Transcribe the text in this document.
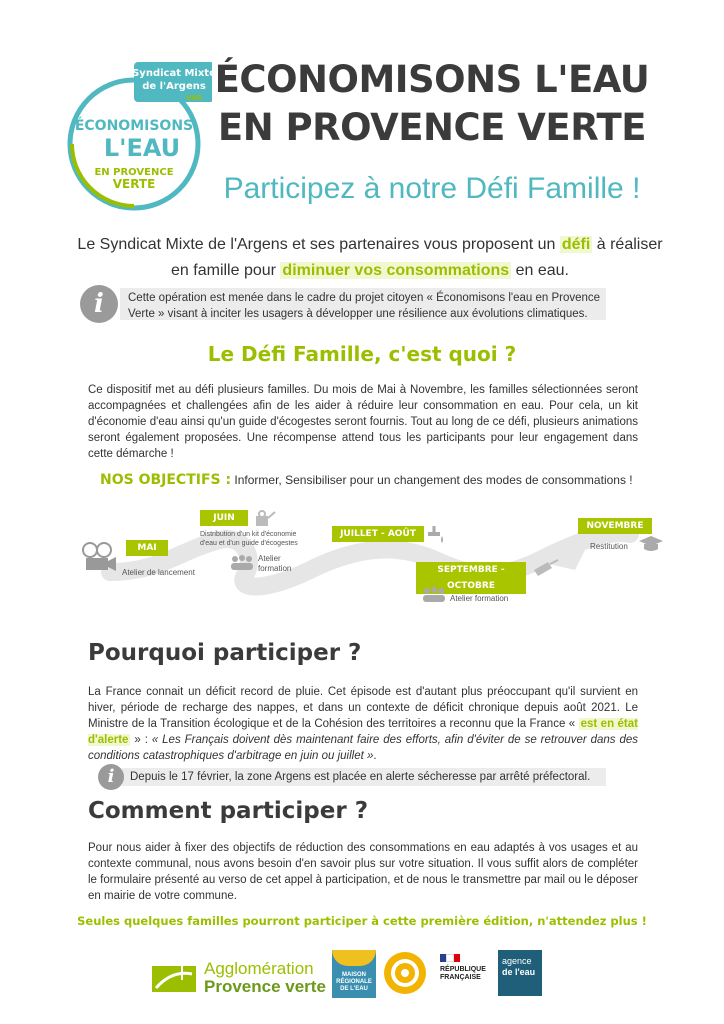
Syndicat Mixte
de l'Argens
VAR
ÉCONOMISONS
L'EAU
EN PROVENCE
VERTE
ÉCONOMISONS L'EAU
EN PROVENCE VERTE
Participez à notre Défi Famille !
Le Syndicat Mixte de l'Argens et ses partenaires vous proposent un défi à réaliser en famille pour diminuer vos consommations en eau.
Cette opération est menée dans le cadre du projet citoyen « Économisons l'eau en Provence
Verte » visant à inciter les usagers à développer une résilience aux évolutions climatiques.
i
Le Défi Famille, c'est quoi ?
Ce dispositif met au défi plusieurs familles. Du mois de Mai à Novembre, les familles sélectionnées seront accompagnées et challengées afin de les aider à réduire leur consommation en eau. Pour cela, un kit d'économie d'eau ainsi qu'un guide d'écogestes seront fournis. Tout au long de ce défi, plusieurs animations seront également proposées. Une récompense attend tous les participants pour leur engagement dans cette démarche !
NOS OBJECTIFS : Informer, Sensibiliser pour un changement des modes de consommations !
MAI
Atelier de lancement
JUIN
Distribution d'un kit d'économie
d'eau et d'un guide d'écogestes
Atelier
formation
JUILLET - AOÛT
SEPTEMBRE - OCTOBRE
Atelier formation
NOVEMBRE
Restitution
Pourquoi participer ?
La France connait un déficit record de pluie. Cet épisode est d'autant plus préoccupant qu'il survient en hiver, période de recharge des nappes, et dans un contexte de déficit chronique depuis août 2021. Le Ministre de la Transition écologique et de la Cohésion des territoires a reconnu que la France « est en état d'alerte » : « Les Français doivent dès maintenant faire des efforts, afin d'éviter de se retrouver dans des conditions catastrophiques d'arbitrage en juin ou juillet ».
Depuis le 17 février, la zone Argens est placée en alerte sécheresse par arrêté préfectoral.
i
Comment participer ?
Pour nous aider à fixer des objectifs de réduction des consommations en eau adaptés à vos usages et au contexte communal, nous avons besoin d'en savoir plus sur votre situation. Il vous suffit alors de compléter le formulaire présenté au verso de cet appel à participation, et de nous le transmettre par mail ou le déposer en mairie de votre commune.
Seules quelques familles pourront participer à cette première édition, n'attendez plus !
Agglomération
Provence verte
MAISON
RÉGIONALE
DE L'EAU
RÉPUBLIQUE
FRANÇAISE
agence
de l'eau
